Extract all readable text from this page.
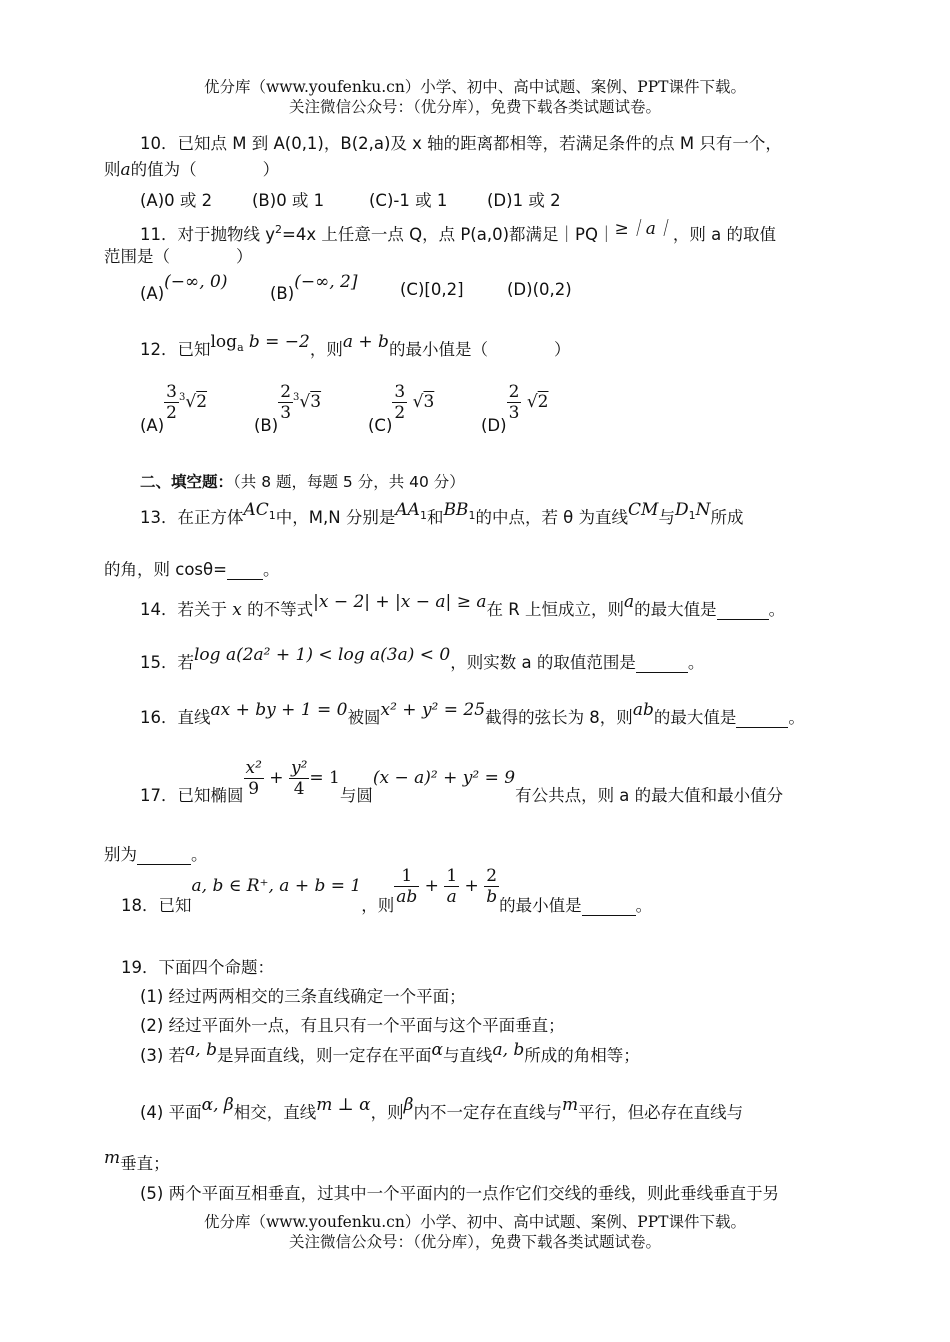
优分库（www.youfenku.cn）小学、初中、高中试题、案例、PPT课件下载。
关注微信公众号：（优分库），免费下载各类试题试卷。
10．已知点 M 到 A(0,1)，B(2,a)及 x 轴的距离都相等，若满足条件的点 M 只有一个，
则a的值为（　　　　）
(A)0 或 2 (B)0 或 1	(C)-1 或 1 (D)1 或 2
11．对于抛物线 $y^2=4x$ 上任意一点 Q，点 P(a,0)都满足｜PQ｜≥｜a｜，则 a 的取值
范围是（　　　　）
(A)(−∞, 0)
(B)(−∞, 2]	(C)[0,2]	(D)(0,2)
12．已知$\log_a b = -2$，则a + b的最小值是（　　　　）
(A)
$\frac{3}{2} ^3√2$
(B)
$\frac{2}{3} ^3√3$
(C)
$\frac{3}{2} √3$
(D)
$\frac{2}{3} √2$
二、填空题：（共 8 题，每题 5 分，共 40 分）
13．在正方体$AC_1$中，M,N 分别是$AA_1$和$BB_1$的中点，若 θ 为直线CM与$D_1N$所成
的角，则 cosθ= 。
14．若关于 x 的不等式|x − 2| + |x − a| ≥ a在 R 上恒成立，则a的最大值是	。
15．若log a(2a² + 1) < log a(3a) < 0，则实数 a 的取值范围是	。
16．直线ax + by + 1 = 0被圆x² + y² = 25截得的弦长为 8，则ab的最大值是	。
17．已知椭圆 $\frac{\text{x²}}{9} + \frac{\text{y²}}{4} = 1$与圆(x − a)² + y² = 9有公共点，则 a 的最大值和最小值分
别为	。
18．已知a, b ∈ R⁺, a + b = 1，则 $\frac{1}{ab} + \frac{1}{a} + \frac{2}{b}$ 的最小值是	。
19．下面四个命题：
(1) 经过两两相交的三条直线确定一个平面；
(2) 经过平面外一点，有且只有一个平面与这个平面垂直；
(3) 若a, b是异面直线，则一定存在平面α与直线a, b所成的角相等；
(4) 平面α, β相交，直线m ⊥ α，则β内不一定存在直线与m平行，但必存在直线与
m垂直；
(5) 两个平面互相垂直，过其中一个平面内的一点作它们交线的垂线，则此垂线垂直于另
优分库（www.youfenku.cn）小学、初中、高中试题、案例、PPT课件下载。
关注微信公众号：（优分库），免费下载各类试题试卷。
